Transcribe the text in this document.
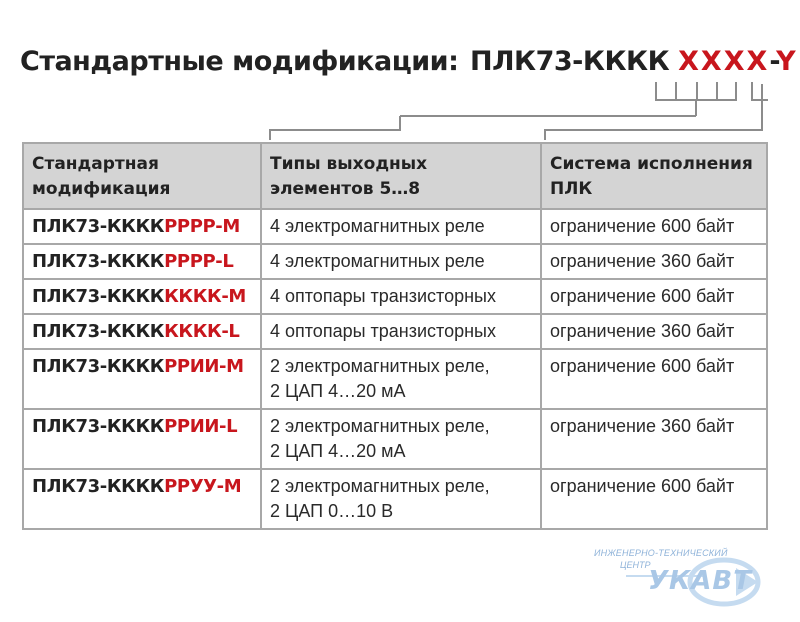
Стандартные модификации: ПЛК73-КККК XXXX-Y
Стандартная модификация	Типы выходных элементов 5…8	Система исполнения ПЛК
ПЛК73-ККККРРРР-М	4 электромагнитных реле	ограничение 600 байт
ПЛК73-ККККРРРР-L	4 электромагнитных реле	ограничение 360 байт
ПЛК73-КККККККК-М	4 оптопары транзисторных	ограничение 600 байт
ПЛК73-КККККККК-L	4 оптопары транзисторных	ограничение 360 байт
ПЛК73-ККККРРИИ-М	2 электромагнитных реле,
2 ЦАП 4…20 мА	ограничение 600 байт
ПЛК73-ККККРРИИ-L	2 электромагнитных реле,
2 ЦАП 4…20 мА	ограничение 360 байт
ПЛК73-ККККРРУУ-М	2 электромагнитных реле,
2 ЦАП 0…10 В	ограничение 600 байт
ИНЖЕНЕРНО-ТЕХНИЧЕСКИЙ
ЦЕНТР
УКАВТ
